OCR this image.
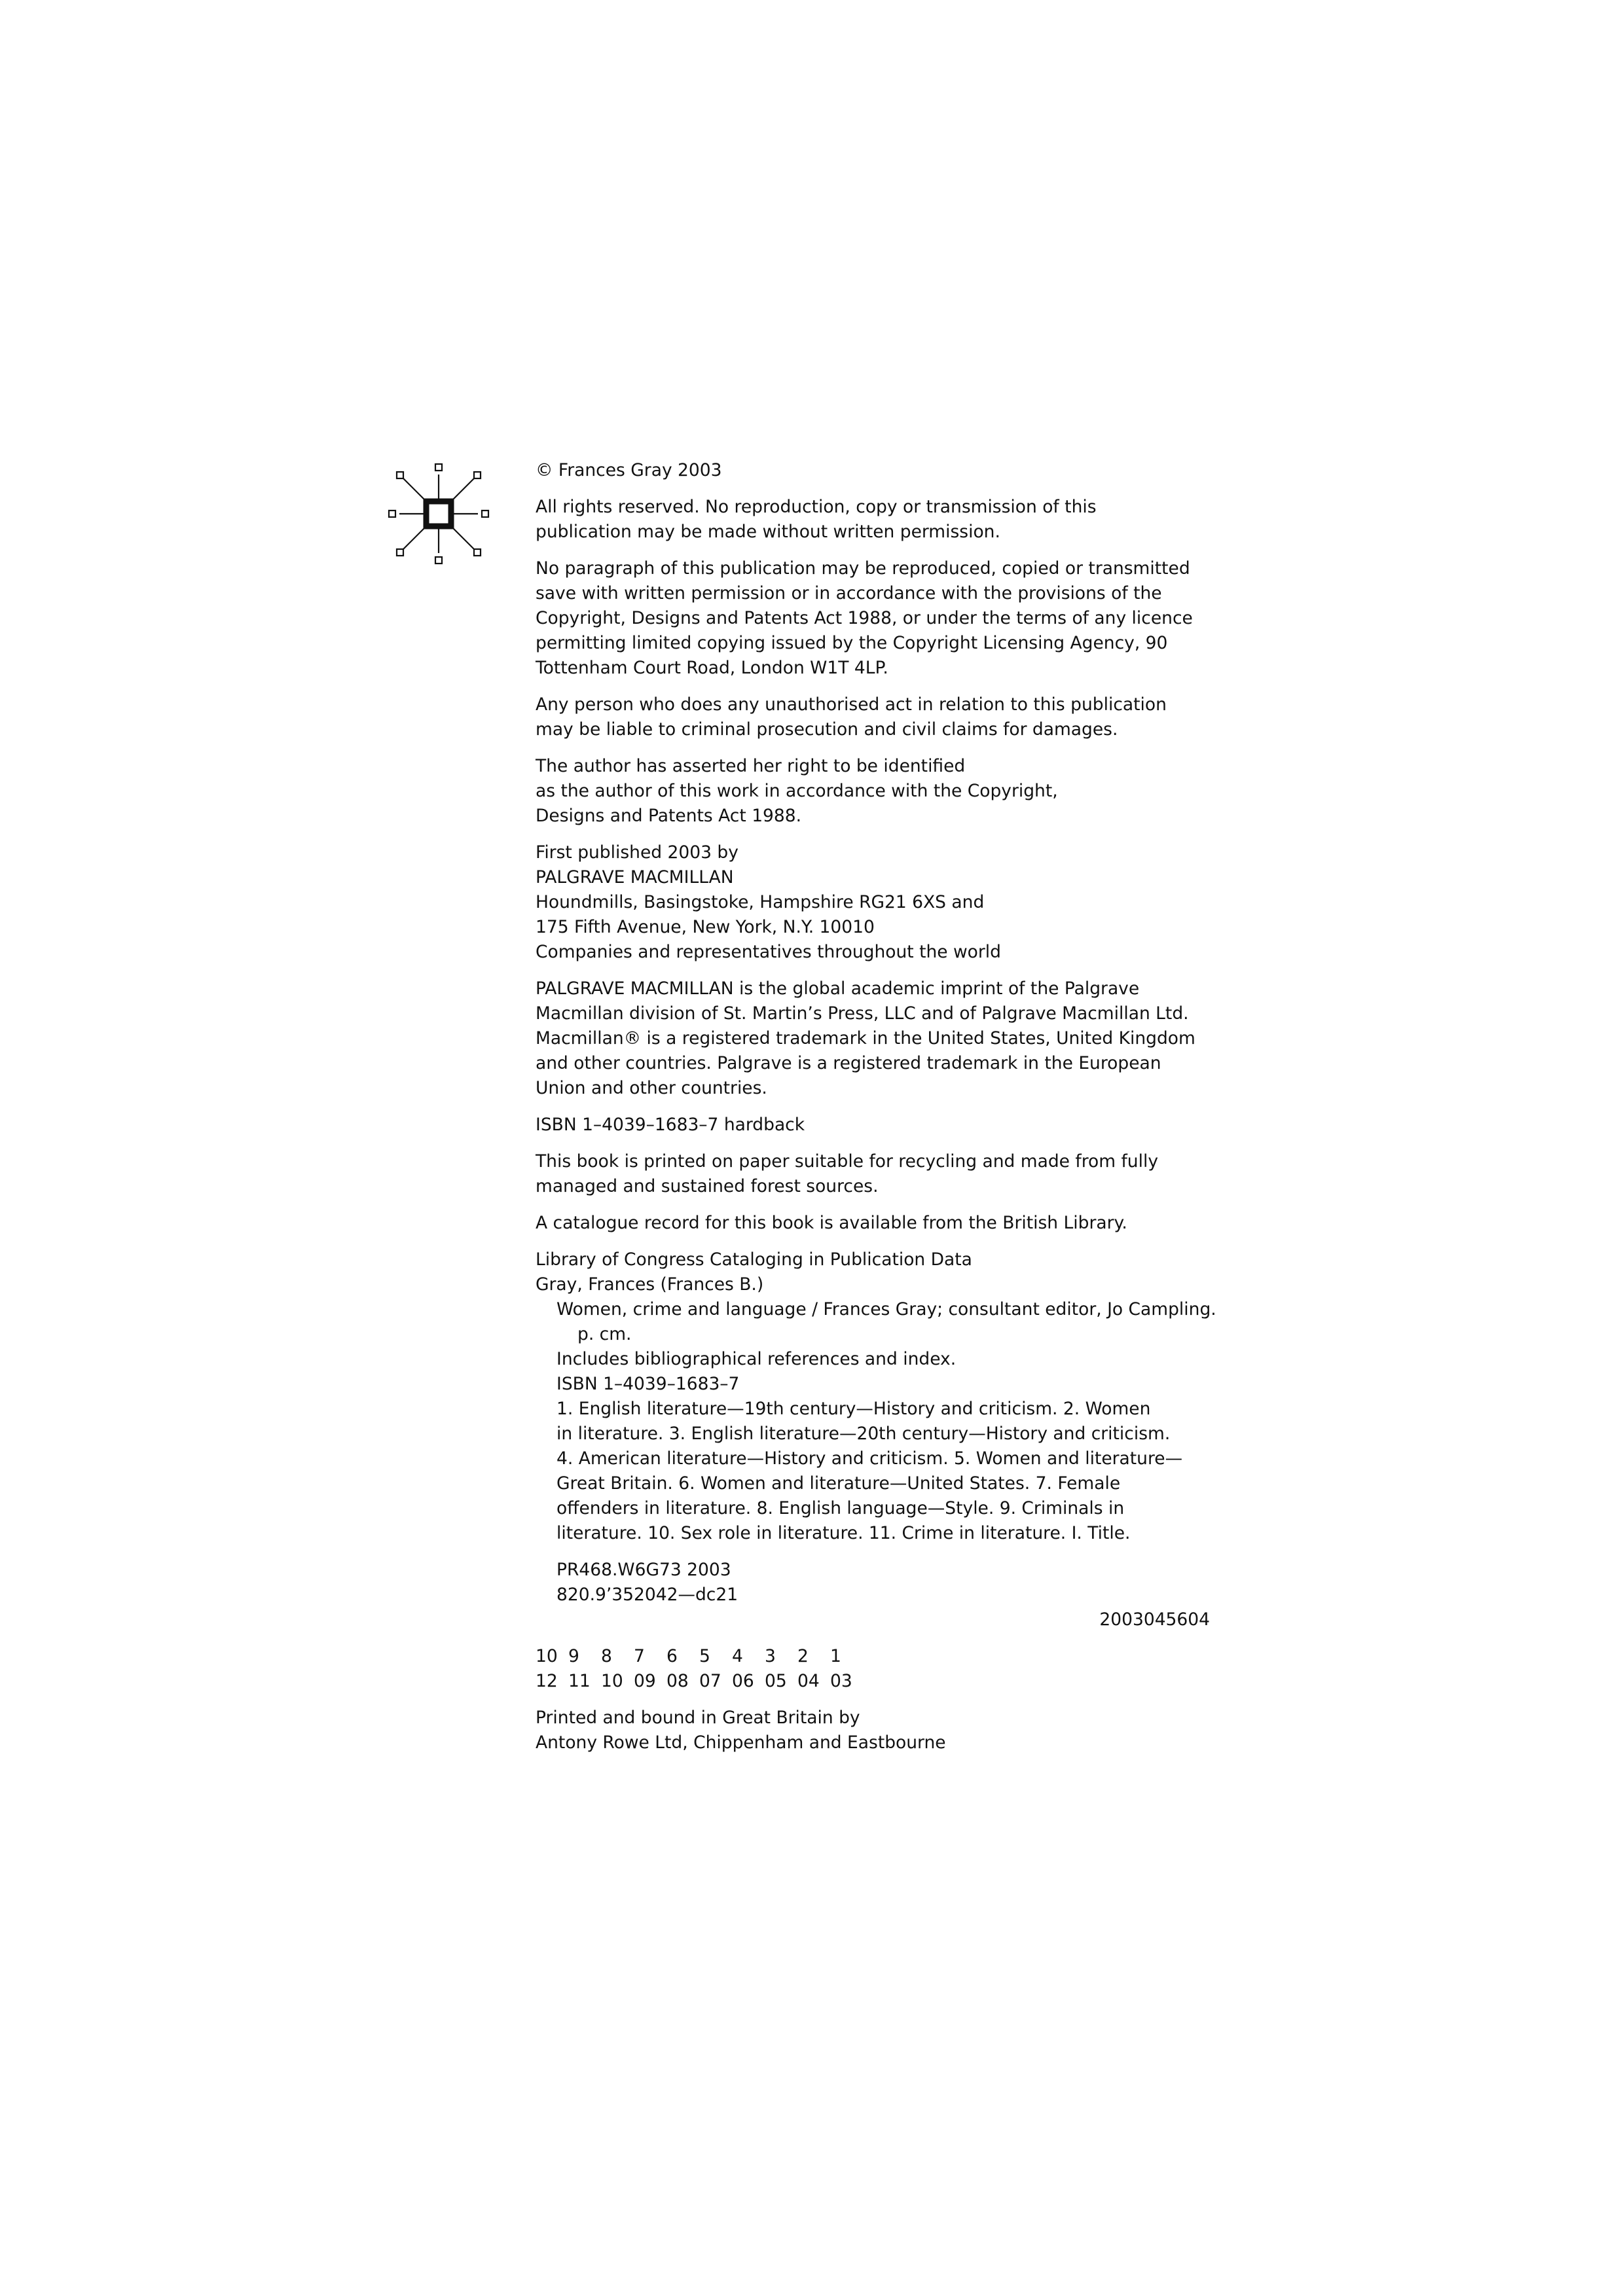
© Frances Gray 2003

All rights reserved. No reproduction, copy or transmission of this
publication may be made without written permission.

No paragraph of this publication may be reproduced, copied or transmitted
save with written permission or in accordance with the provisions of the
Copyright, Designs and Patents Act 1988, or under the terms of any licence
permitting limited copying issued by the Copyright Licensing Agency, 90
Tottenham Court Road, London W1T 4LP.

Any person who does any unauthorised act in relation to this publication
may be liable to criminal prosecution and civil claims for damages.

The author has asserted her right to be identified
as the author of this work in accordance with the Copyright,
Designs and Patents Act 1988.

First published 2003 by
PALGRAVE MACMILLAN
Houndmills, Basingstoke, Hampshire RG21 6XS and
175 Fifth Avenue, New York, N.Y. 10010
Companies and representatives throughout the world

PALGRAVE MACMILLAN is the global academic imprint of the Palgrave
Macmillan division of St. Martin’s Press, LLC and of Palgrave Macmillan Ltd.
Macmillan® is a registered trademark in the United States, United Kingdom
and other countries. Palgrave is a registered trademark in the European
Union and other countries.

ISBN 1–4039–1683–7 hardback

This book is printed on paper suitable for recycling and made from fully
managed and sustained forest sources.

A catalogue record for this book is available from the British Library.

Library of Congress Cataloging in Publication Data
Gray, Frances (Frances B.)
Women, crime and language / Frances Gray; consultant editor, Jo Campling.
p. cm.
Includes bibliographical references and index.
ISBN 1–4039–1683–7
1. English literature—19th century—History and criticism. 2. Women
in literature. 3. English literature—20th century—History and criticism.
4. American literature—History and criticism. 5. Women and literature—
Great Britain. 6. Women and literature—United States. 7. Female
offenders in literature. 8. English language—Style. 9. Criminals in
literature. 10. Sex role in literature. 11. Crime in literature. I. Title.
PR468.W6G73 2003
820.9’352042—dc21
2003045604
10 9	8	7	6	5	4	3	2	1
12 11 10 09 08 07 06 05 04 03

Printed and bound in Great Britain by
Antony Rowe Ltd, Chippenham and Eastbourne
